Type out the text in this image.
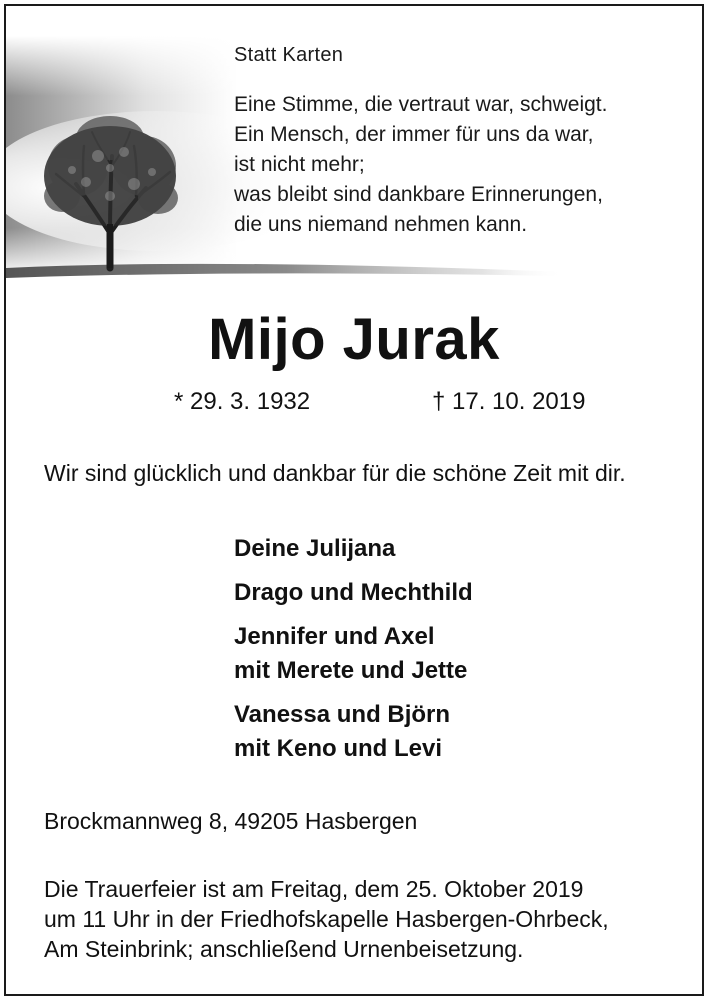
Statt Karten
Eine Stimme, die vertraut war, schweigt.
Ein Mensch, der immer für uns da war,
ist nicht mehr;
was bleibt sind dankbare Erinnerungen,
die uns niemand nehmen kann.
Mijo Jurak
* 29. 3. 1932	† 17. 10. 2019
Wir sind glücklich und dankbar für die schöne Zeit mit dir.
Deine Julijana
Drago und Mechthild
Jennifer und Axel
mit Merete und Jette
Vanessa und Björn
mit Keno und Levi
Brockmannweg 8, 49205 Hasbergen
Die Trauerfeier ist am Freitag, dem 25. Oktober 2019
um 11 Uhr in der Friedhofskapelle Hasbergen-Ohrbeck,
Am Steinbrink; anschließend Urnenbeisetzung.
